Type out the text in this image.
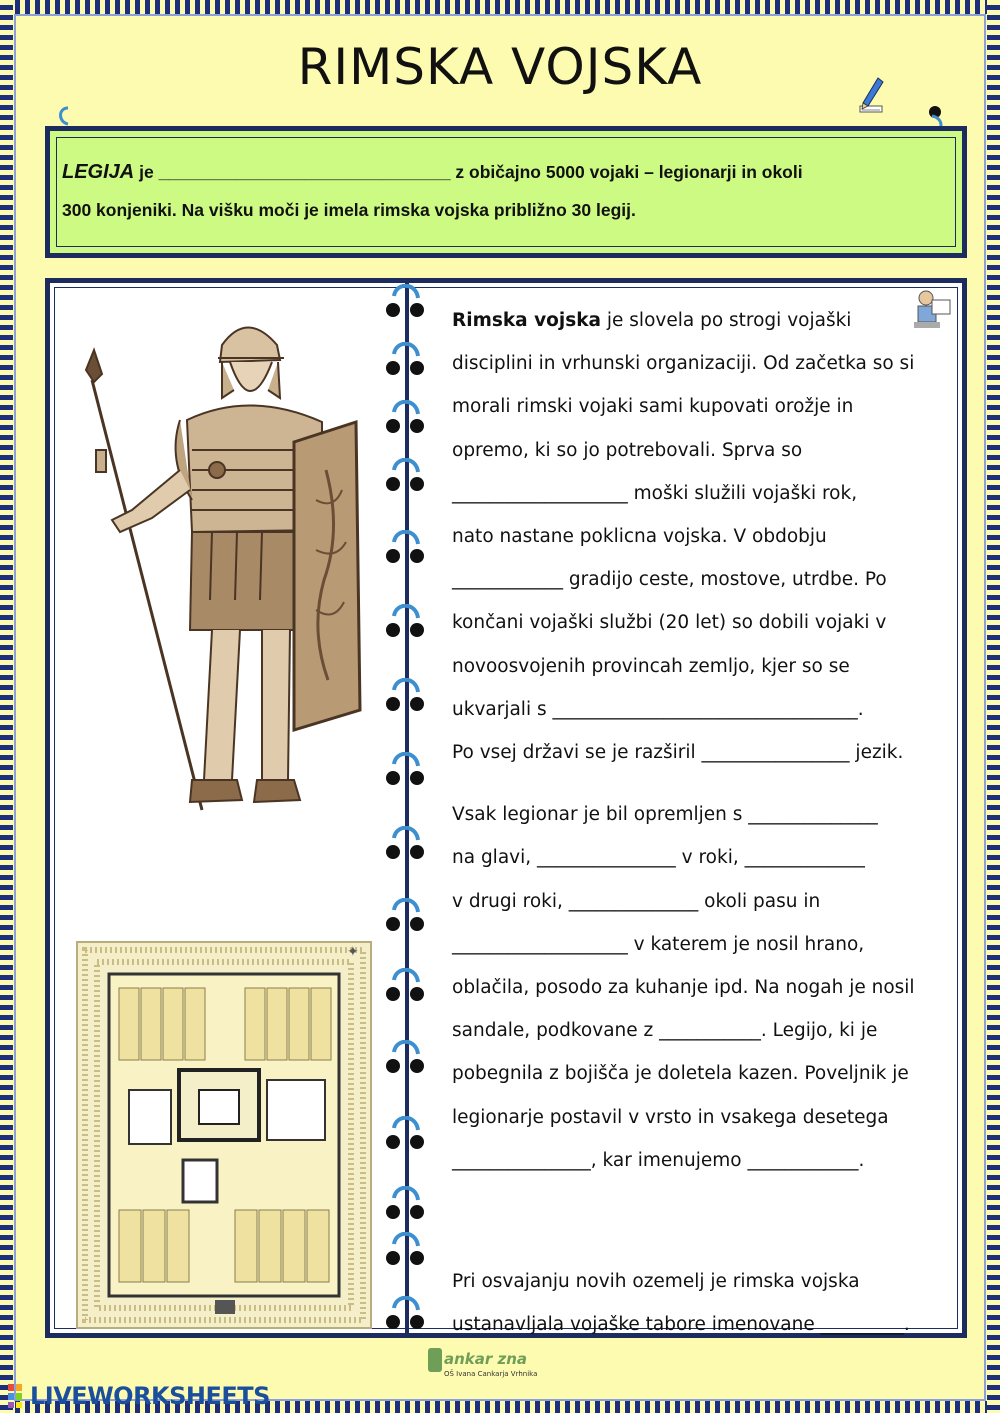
RIMSKA VOJSKA
LEGIJA je ______________________________ z običajno 5000 vojaki – legionarji in okoli
300 konjeniki. Na višku moči je imela rimska vojska približno 30 legij.
✦

Rimska vojska je slovela po strogi vojaški

disciplini in vrhunski organizaciji. Od začetka so si

morali rimski vojaki sami kupovati orožje in

opremo, ki so jo potrebovali. Sprva so

___________________ moški služili vojaški rok,

nato nastane poklicna vojska. V obdobju

____________ gradijo ceste, mostove, utrdbe. Po

končani vojaški službi (20 let) so dobili vojaki v

novoosvojenih provincah zemljo, kjer so se

ukvarjali s _________________________________.

Po vsej državi se je razširil ________________ jezik.

Vsak legionar je bil opremljen s ______________

na glavi, _______________ v roki, _____________

v drugi roki, ______________ okoli pasu in

___________________ v katerem je nosil hrano,

oblačila, posodo za kuhanje ipd. Na nogah je nosil

sandale, podkovane z ___________. Legijo, ki je

pobegnila z bojišča je doletela kazen. Poveljnik je

legionarje postavil v vrsto in vsakega desetega

_______________, kar imenujemo ____________.

Pri osvajanju novih ozemelj je rimska vojska

ustanavljala vojaške tabore imenovane _________.

ankar zna
OŠ Ivana Cankarja Vrhnika
LIVEWORKSHEETS
